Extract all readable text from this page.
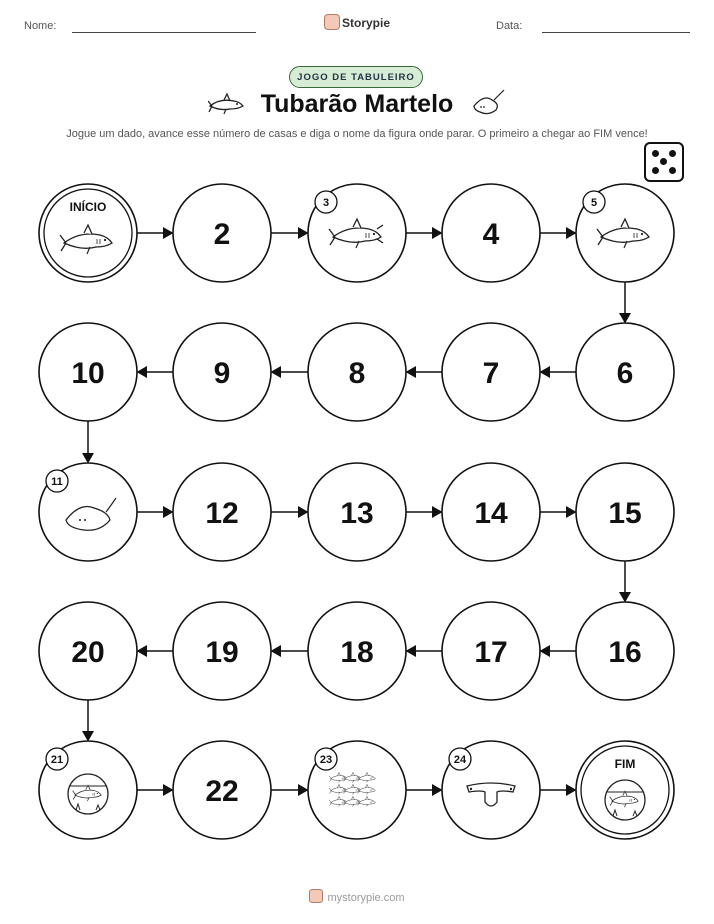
Nome:	Storypie	Data:
JOGO DE TABULEIRO
Tubarão Martelo
Jogue um dado, avance esse número de casas e diga o nome da figura onde parar. O primeiro a chegar ao FIM vence!
INÍCIO
2
3
4
5
6
7
8
9
10
11
12	13	14	15
16
17
18
19
20
21
22
23	24	FIM
mystorypie.com
